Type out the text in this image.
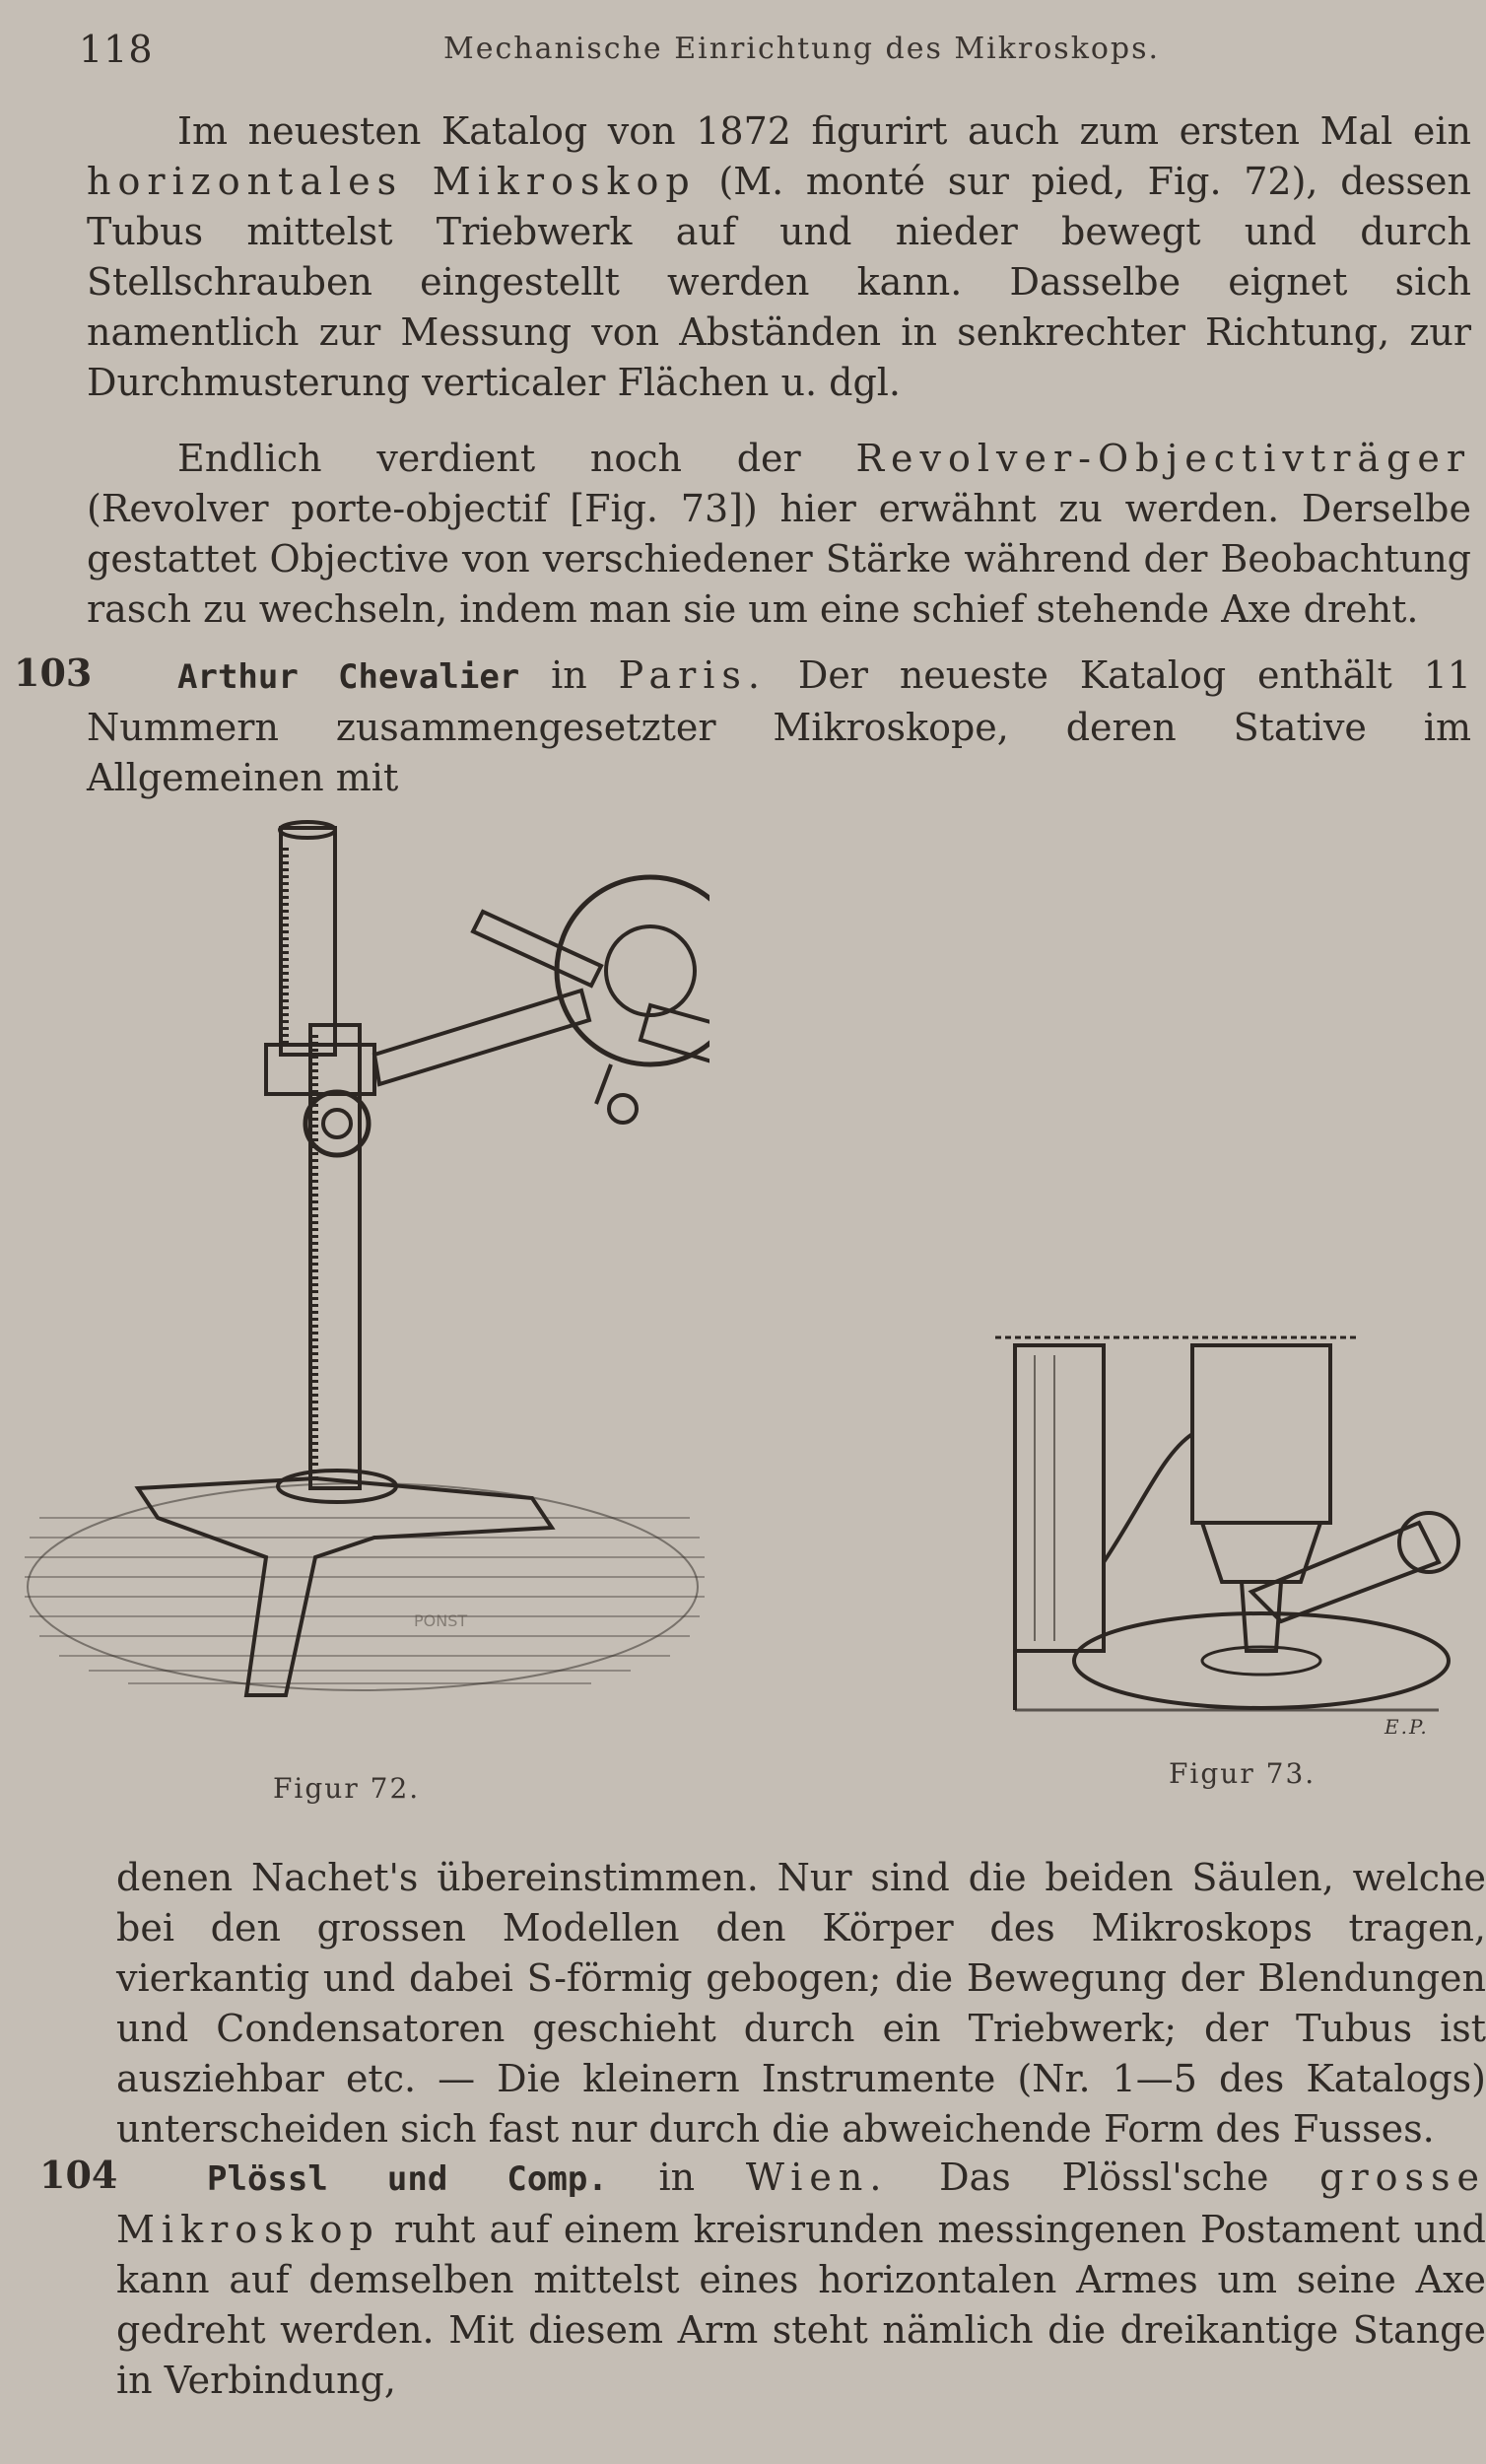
118	Mechanische Einrichtung des Mikroskops.

Im neuesten Katalog von 1872 figurirt auch zum ersten Mal ein horizontales Mikroskop (M. monté sur pied, Fig. 72), dessen Tubus mittelst Triebwerk auf und nieder bewegt und durch Stellschrauben eingestellt werden kann. Dasselbe eignet sich namentlich zur Messung von Abständen in senkrechter Richtung, zur Durchmusterung verticaler Flächen u. dgl.

Endlich verdient noch der Revolver-Objectivträger (Revolver porte-objectif [Fig. 73]) hier erwähnt zu werden. Derselbe gestattet Objective von verschiedener Stärke während der Beobachtung rasch zu wechseln, indem man sie um eine schief stehende Axe dreht.

103	Arthur Chevalier in Paris. Der neueste Katalog enthält 11 Nummern zusammengesetzter Mikroskope, deren Stative im Allgemeinen mit

PONST
Figur 72.	Figur 73.
E.P.

denen Nachet's übereinstimmen. Nur sind die beiden Säulen, welche bei den grossen Modellen den Körper des Mikroskops tragen, vierkantig und dabei S-förmig gebogen; die Bewegung der Blendungen und Condensatoren geschieht durch ein Triebwerk; der Tubus ist ausziehbar etc. — Die kleinern Instrumente (Nr. 1—5 des Katalogs) unterscheiden sich fast nur durch die abweichende Form des Fusses.

104	Plössl und Comp. in Wien. Das Plössl'sche grosse Mikroskop ruht auf einem kreisrunden messingenen Postament und kann auf demselben mittelst eines horizontalen Armes um seine Axe gedreht werden. Mit diesem Arm steht nämlich die dreikantige Stange in Verbindung,
